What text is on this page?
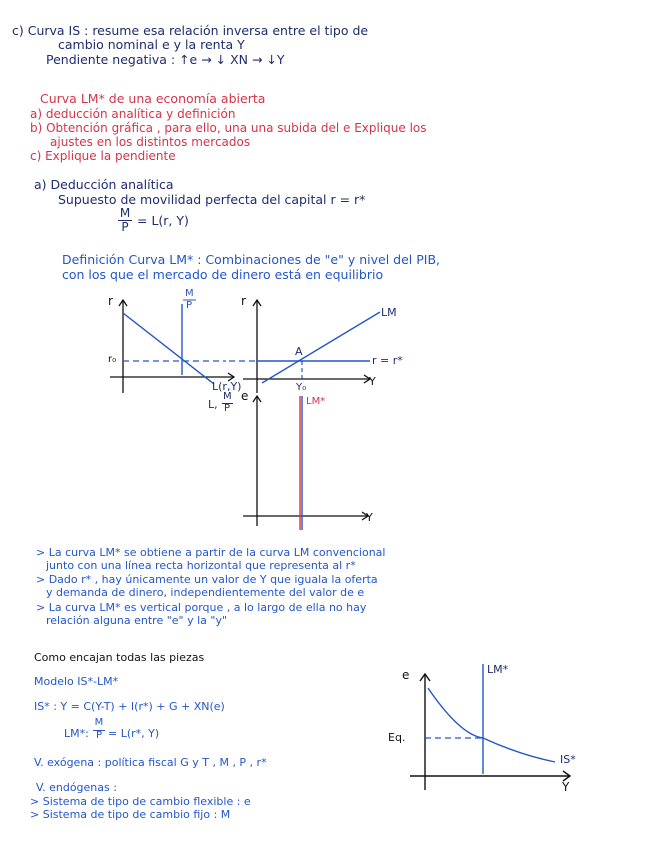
c) Curva IS : resume esa relación inversa entre el tipo de
cambio nominal e y la renta Y
Pendiente negativa : ↑e → ↓ XN → ↓Y
Curva LM* de una economía abierta
a) deducción analítica y definición
b) Obtención gráfica , para ello, una una subida del e Explique los
ajustes en los distintos mercados
c) Explique la pendiente
a) Deducción analítica
Supuesto de movilidad perfecta del capital r = r*
M
P = L(r, Y)
Definición Curva LM* : Combinaciones de "e" y nivel del PIB,
con los que el mercado de dinero está en equilibrio
r
M
P
r₀
L(r,Y)
L,
M
P
r
LM
A
r = r*
Y₀	Y
e	LM*
Y
> La curva LM* se obtiene a partir de la curva LM convencional
junto con una línea recta horizontal que representa al r*
> Dado r* , hay únicamente un valor de Y que iguala la oferta
y demanda de dinero, independientemente del valor de e
> La curva LM* es vertical porque , a lo largo de ella no hay
relación alguna entre "e" y la "y"
Como encajan todas las piezas
Modelo IS*-LM*
IS* : Y = C(Y-T) + I(r*) + G + XN(e)
LM*:
M
P = L(r*, Y)
V. exógena : política fiscal G y T , M , P , r*
V. endógenas :
> Sistema de tipo de cambio flexible : e
> Sistema de tipo de cambio fijo : M
e	LM*
Eq.
IS*
Y
